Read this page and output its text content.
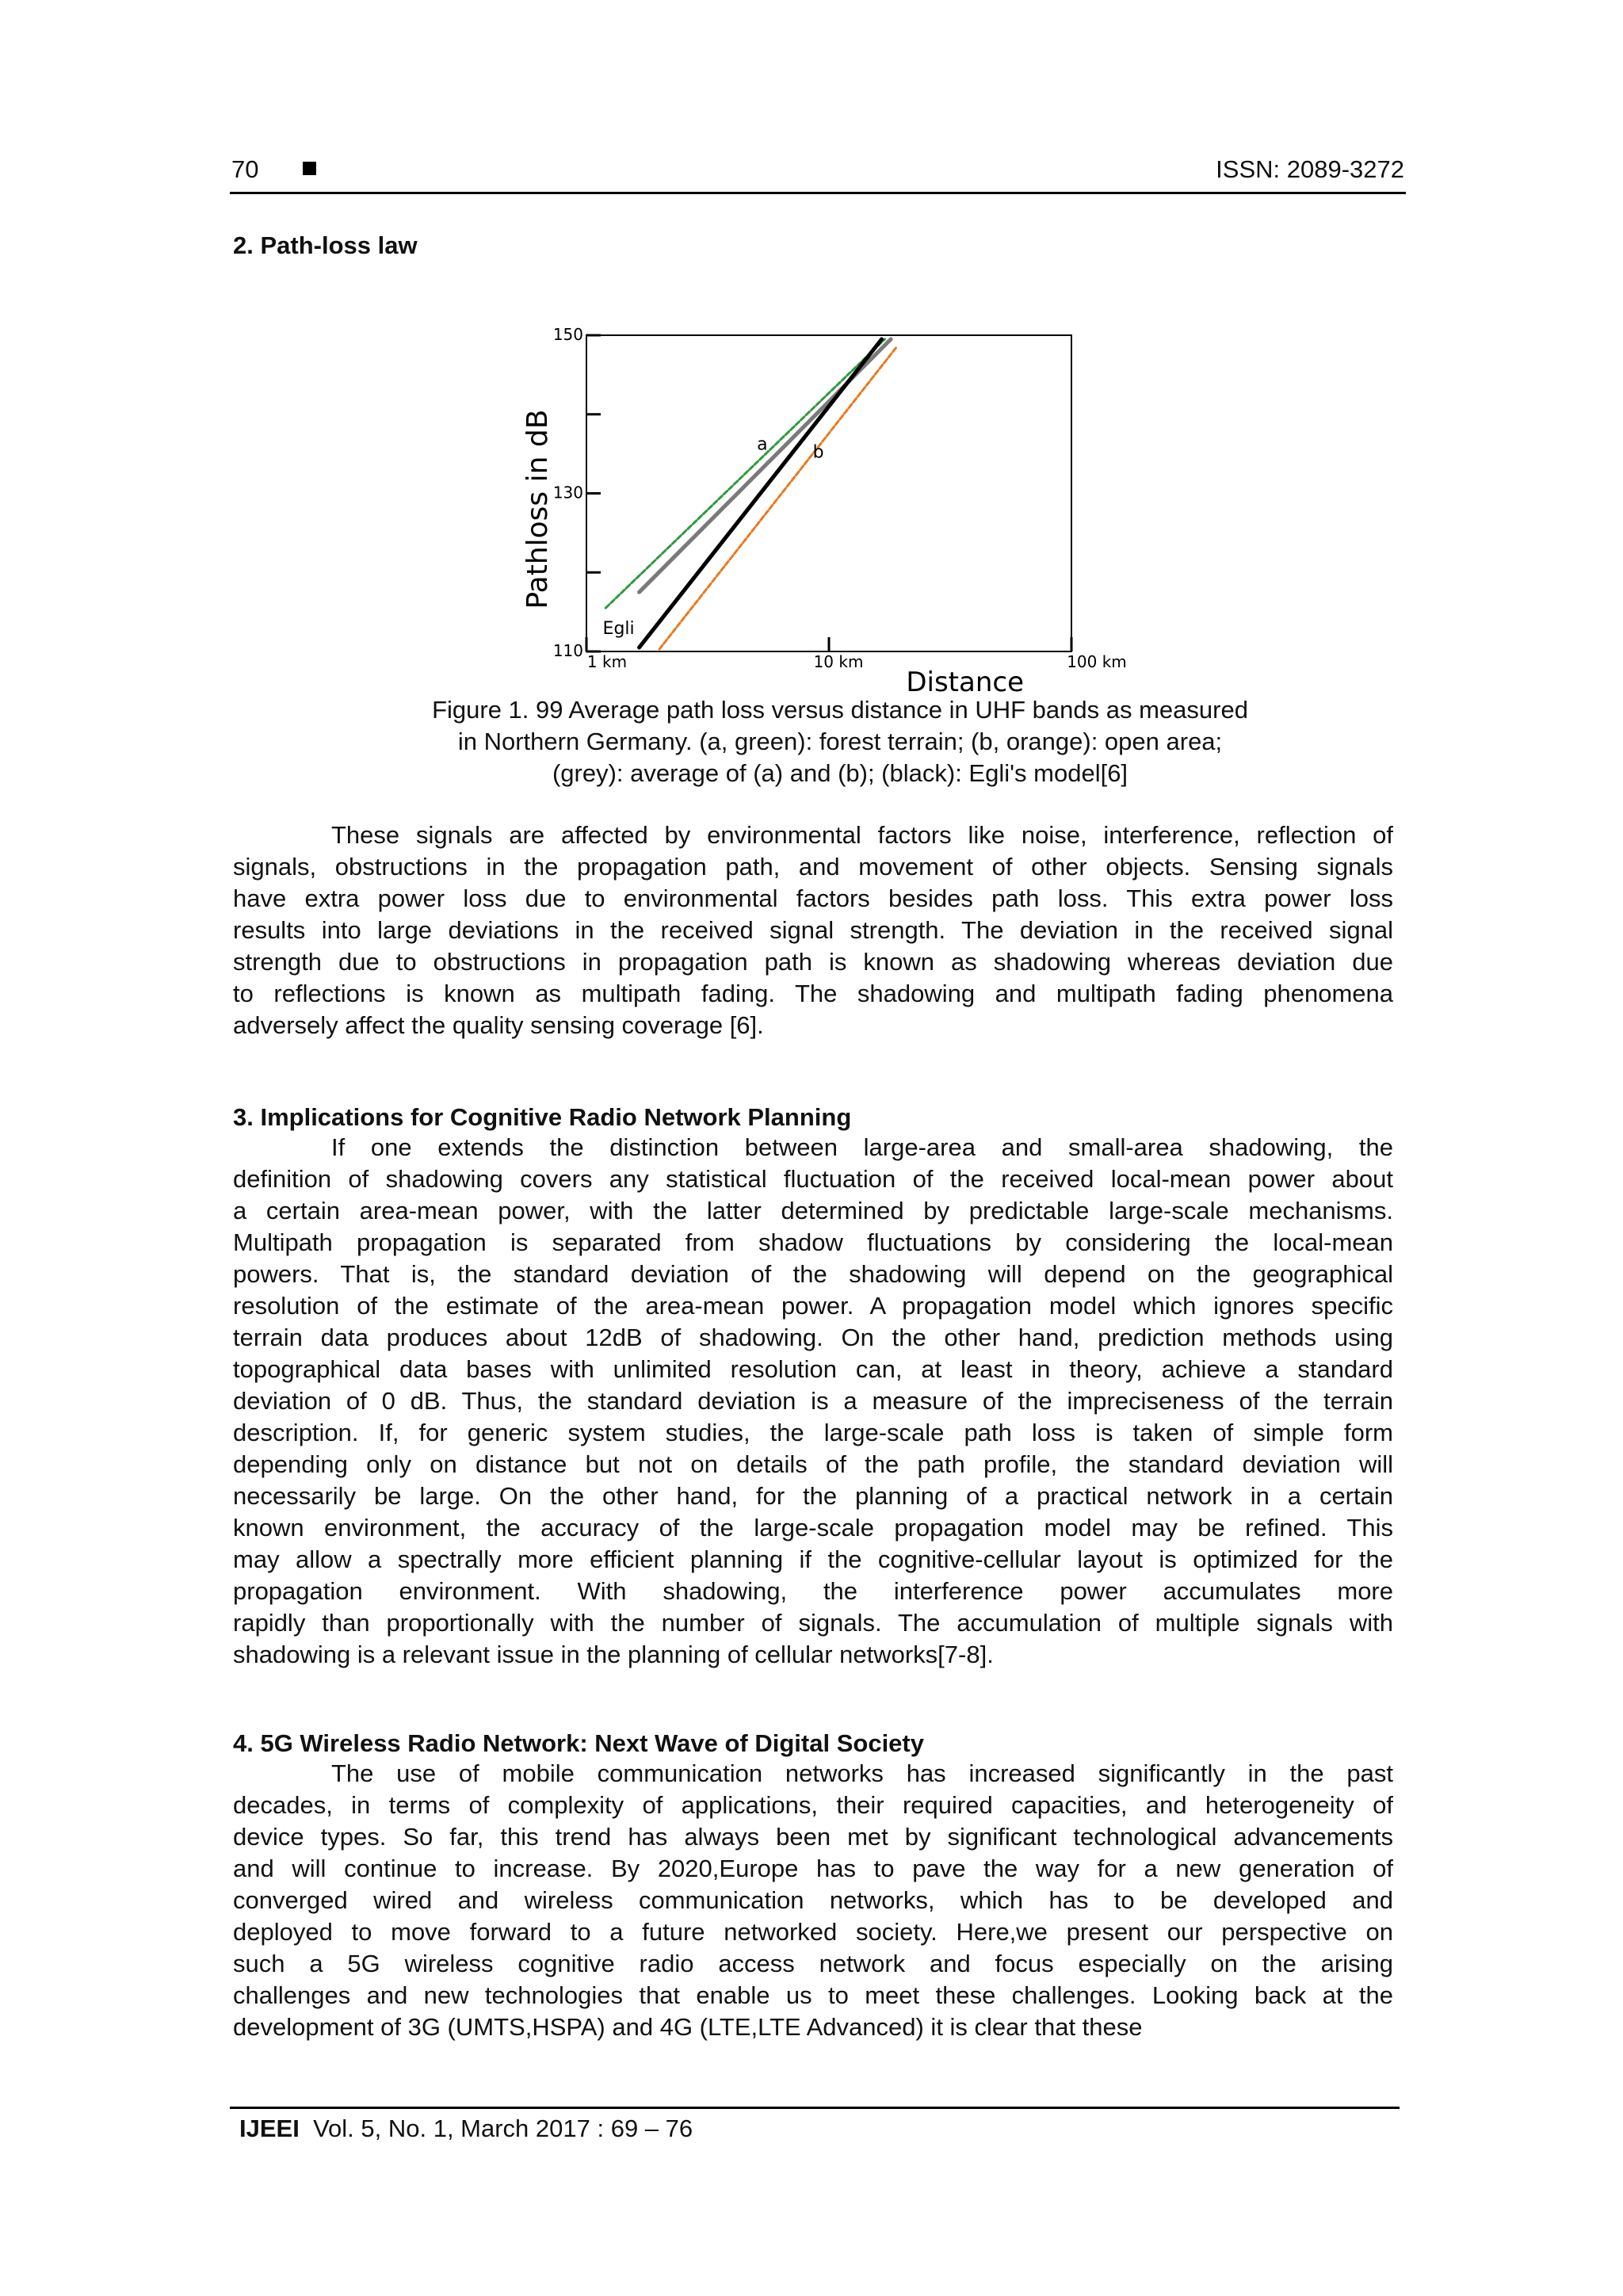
70	ISSN: 2089-3272
2. Path-loss law
110
130
150
1 km	10 km	100 km
Distance
Pathloss in dB	a	b
Egli
Figure 1. 99 Average path loss versus distance in UHF bands as measured
in Northern Germany. (a, green): forest terrain; (b, orange): open area;
(grey): average of (a) and (b); (black): Egli's model[6]
These signals are affected by environmental factors like noise, interference, reflection of
signals, obstructions in the propagation path, and movement of other objects. Sensing signals
have extra power loss due to environmental factors besides path loss. This extra power loss
results into large deviations in the received signal strength. The deviation in the received signal
strength due to obstructions in propagation path is known as shadowing whereas deviation due
to reflections is known as multipath fading. The shadowing and multipath fading phenomena
adversely affect the quality sensing coverage [6].
3. Implications for Cognitive Radio Network Planning
If one extends the distinction between large-area and small-area shadowing, the
definition of shadowing covers any statistical fluctuation of the received local-mean power about
a certain area-mean power, with the latter determined by predictable large-scale mechanisms.
Multipath propagation is separated from shadow fluctuations by considering the local-mean
powers. That is, the standard deviation of the shadowing will depend on the geographical
resolution of the estimate of the area-mean power. A propagation model which ignores specific
terrain data produces about 12dB of shadowing. On the other hand, prediction methods using
topographical data bases with unlimited resolution can, at least in theory, achieve a standard
deviation of 0 dB. Thus, the standard deviation is a measure of the impreciseness of the terrain
description. If, for generic system studies, the large-scale path loss is taken of simple form
depending only on distance but not on details of the path profile, the standard deviation will
necessarily be large. On the other hand, for the planning of a practical network in a certain
known environment, the accuracy of the large-scale propagation model may be refined. This
may allow a spectrally more efficient planning if the cognitive-cellular layout is optimized for the
propagation environment. With shadowing, the interference power accumulates more
rapidly than proportionally with the number of signals. The accumulation of multiple signals with
shadowing is a relevant issue in the planning of cellular networks[7-8].
4. 5G Wireless Radio Network: Next Wave of Digital Society
The use of mobile communication networks has increased significantly in the past
decades, in terms of complexity of applications, their required capacities, and heterogeneity of
device types. So far, this trend has always been met by significant technological advancements
and will continue to increase. By 2020,Europe has to pave the way for a new generation of
converged wired and wireless communication networks, which has to be developed and
deployed to move forward to a future networked society. Here,we present our perspective on
such a 5G wireless cognitive radio access network and focus especially on the arising
challenges and new technologies that enable us to meet these challenges. Looking back at the
development of 3G (UMTS,HSPA) and 4G (LTE,LTE Advanced) it is clear that these
IJEEI Vol. 5, No. 1, March 2017 : 69 – 76
